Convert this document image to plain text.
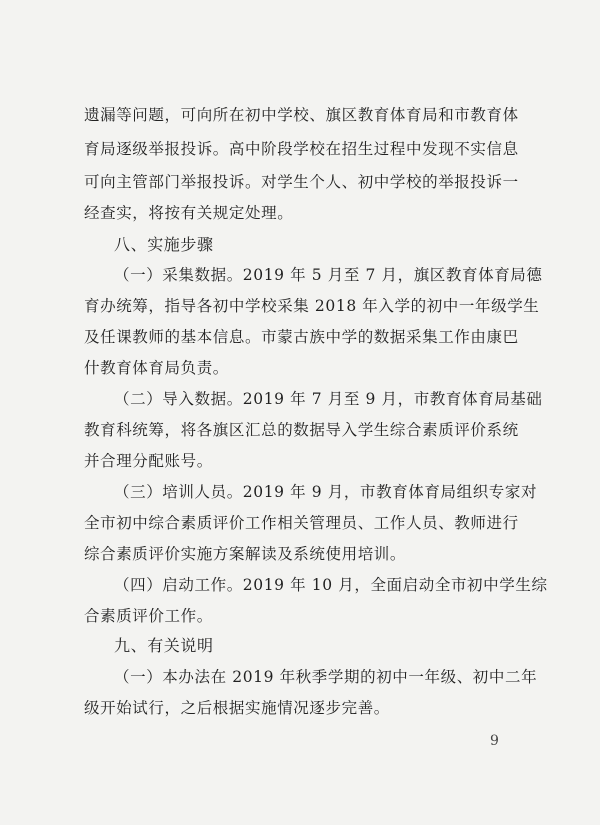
遗漏等问题，可向所在初中学校、旗区教育体育局和市教育体
育局逐级举报投诉。高中阶段学校在招生过程中发现不实信息
可向主管部门举报投诉。对学生个人、初中学校的举报投诉一
经查实，将按有关规定处理。
八、实施步骤
（一）采集数据。2019 年 5 月至 7 月，旗区教育体育局德
育办统筹，指导各初中学校采集 2018 年入学的初中一年级学生
及任课教师的基本信息。市蒙古族中学的数据采集工作由康巴
什教育体育局负责。
（二）导入数据。2019 年 7 月至 9 月，市教育体育局基础
教育科统筹，将各旗区汇总的数据导入学生综合素质评价系统
并合理分配账号。
（三）培训人员。2019 年 9 月，市教育体育局组织专家对
全市初中综合素质评价工作相关管理员、工作人员、教师进行
综合素质评价实施方案解读及系统使用培训。
（四）启动工作。2019 年 10 月，全面启动全市初中学生综
合素质评价工作。
九、有关说明
（一）本办法在 2019 年秋季学期的初中一年级、初中二年
级开始试行，之后根据实施情况逐步完善。
9
